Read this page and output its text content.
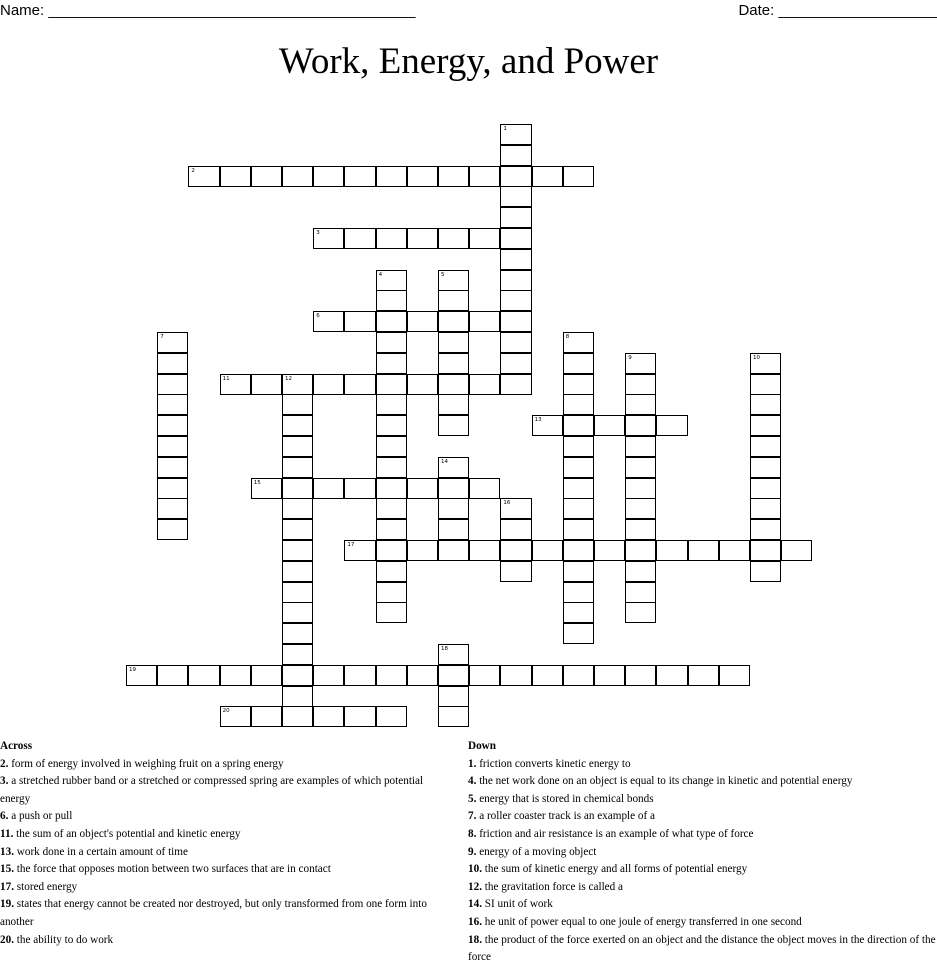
Name: ____________________________________________	Date: ___________________
Work, Energy, and Power
1
2
3
4	5
6
7	8
9	10
11	12
13
14
15
16
17
18
19
20
Across
2. form of energy involved in weighing fruit on a spring energy
3. a stretched rubber band or a stretched or compressed spring are examples of which potential energy
6. a push or pull
11. the sum of an object's potential and kinetic energy
13. work done in a certain amount of time
15. the force that opposes motion between two surfaces that are in contact
17. stored energy
19. states that energy cannot be created nor destroyed, but only transformed from one form into another
20. the ability to do work
Down
1. friction converts kinetic energy to
4. the net work done on an object is equal to its change in kinetic and potential energy
5. energy that is stored in chemical bonds
7. a roller coaster track is an example of a
8. friction and air resistance is an example of what type of force
9. energy of a moving object
10. the sum of kinetic energy and all forms of potential energy
12. the gravitation force is called a
14. SI unit of work
16. he unit of power equal to one joule of energy transferred in one second
18. the product of the force exerted on an object and the distance the object moves in the direction of the force
